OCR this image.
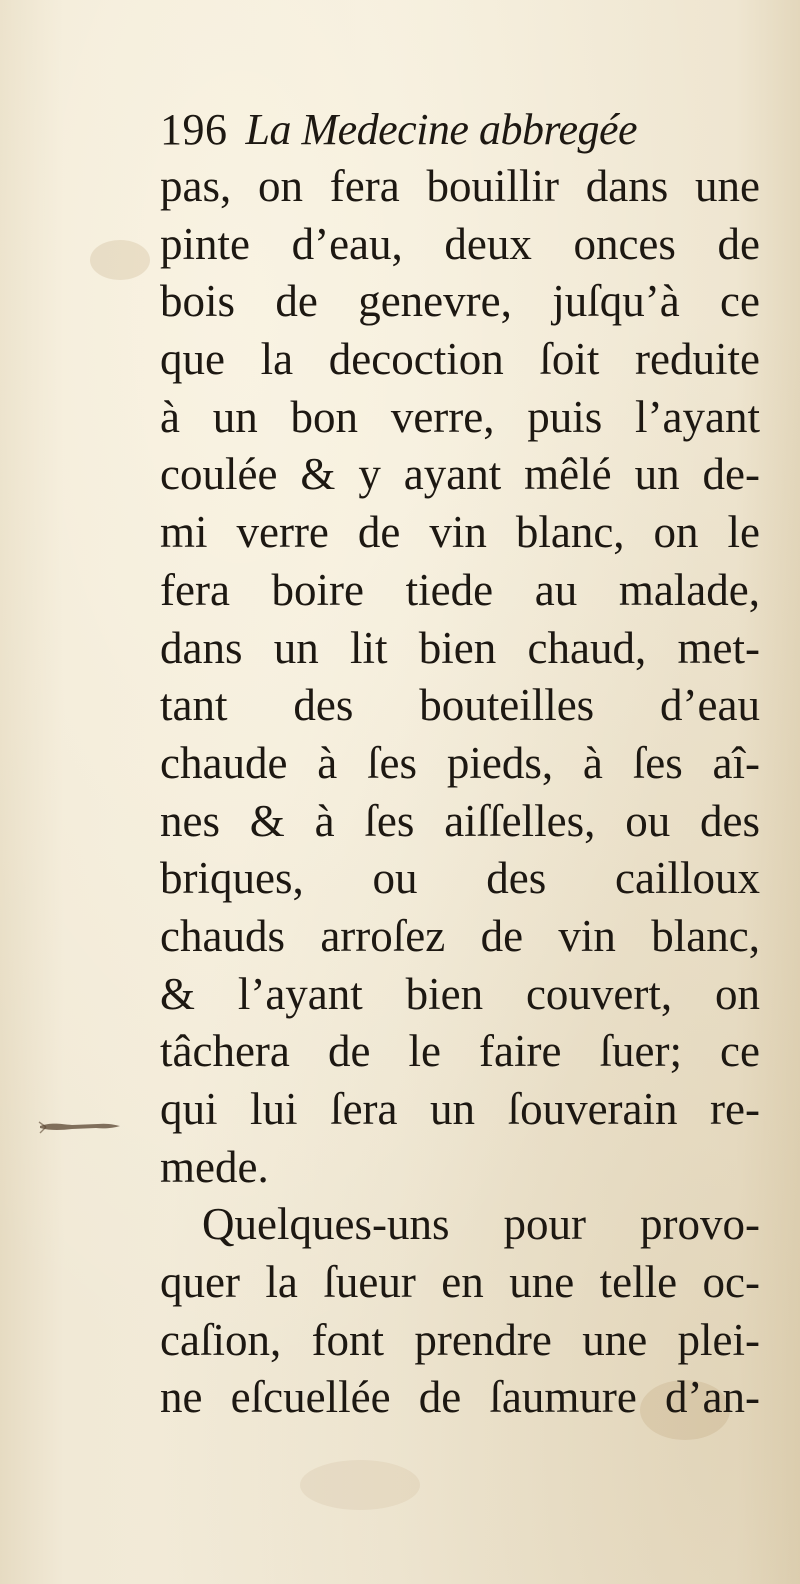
196 La Medecine abbregée
pas, on fera bouillir dans une
pinte d’eau, deux onces de
bois de genevre, juſqu’à ce
que la decoction ſoit reduite
à un bon verre, puis l’ayant
coulée & y ayant mêlé un de-
mi verre de vin blanc, on le
fera boire tiede au malade,
dans un lit bien chaud, met-
tant des bouteilles d’eau
chaude à ſes pieds, à ſes aî-
nes & à ſes aiſſelles, ou des
briques, ou des cailloux
chauds arroſez de vin blanc,
& l’ayant bien couvert, on
tâchera de le faire ſuer; ce
qui lui ſera un ſouverain re-
mede.
Quelques-uns pour provo-
quer la ſueur en une telle oc-
caſion, font prendre une plei-
ne eſcuellée de ſaumure d’an-
